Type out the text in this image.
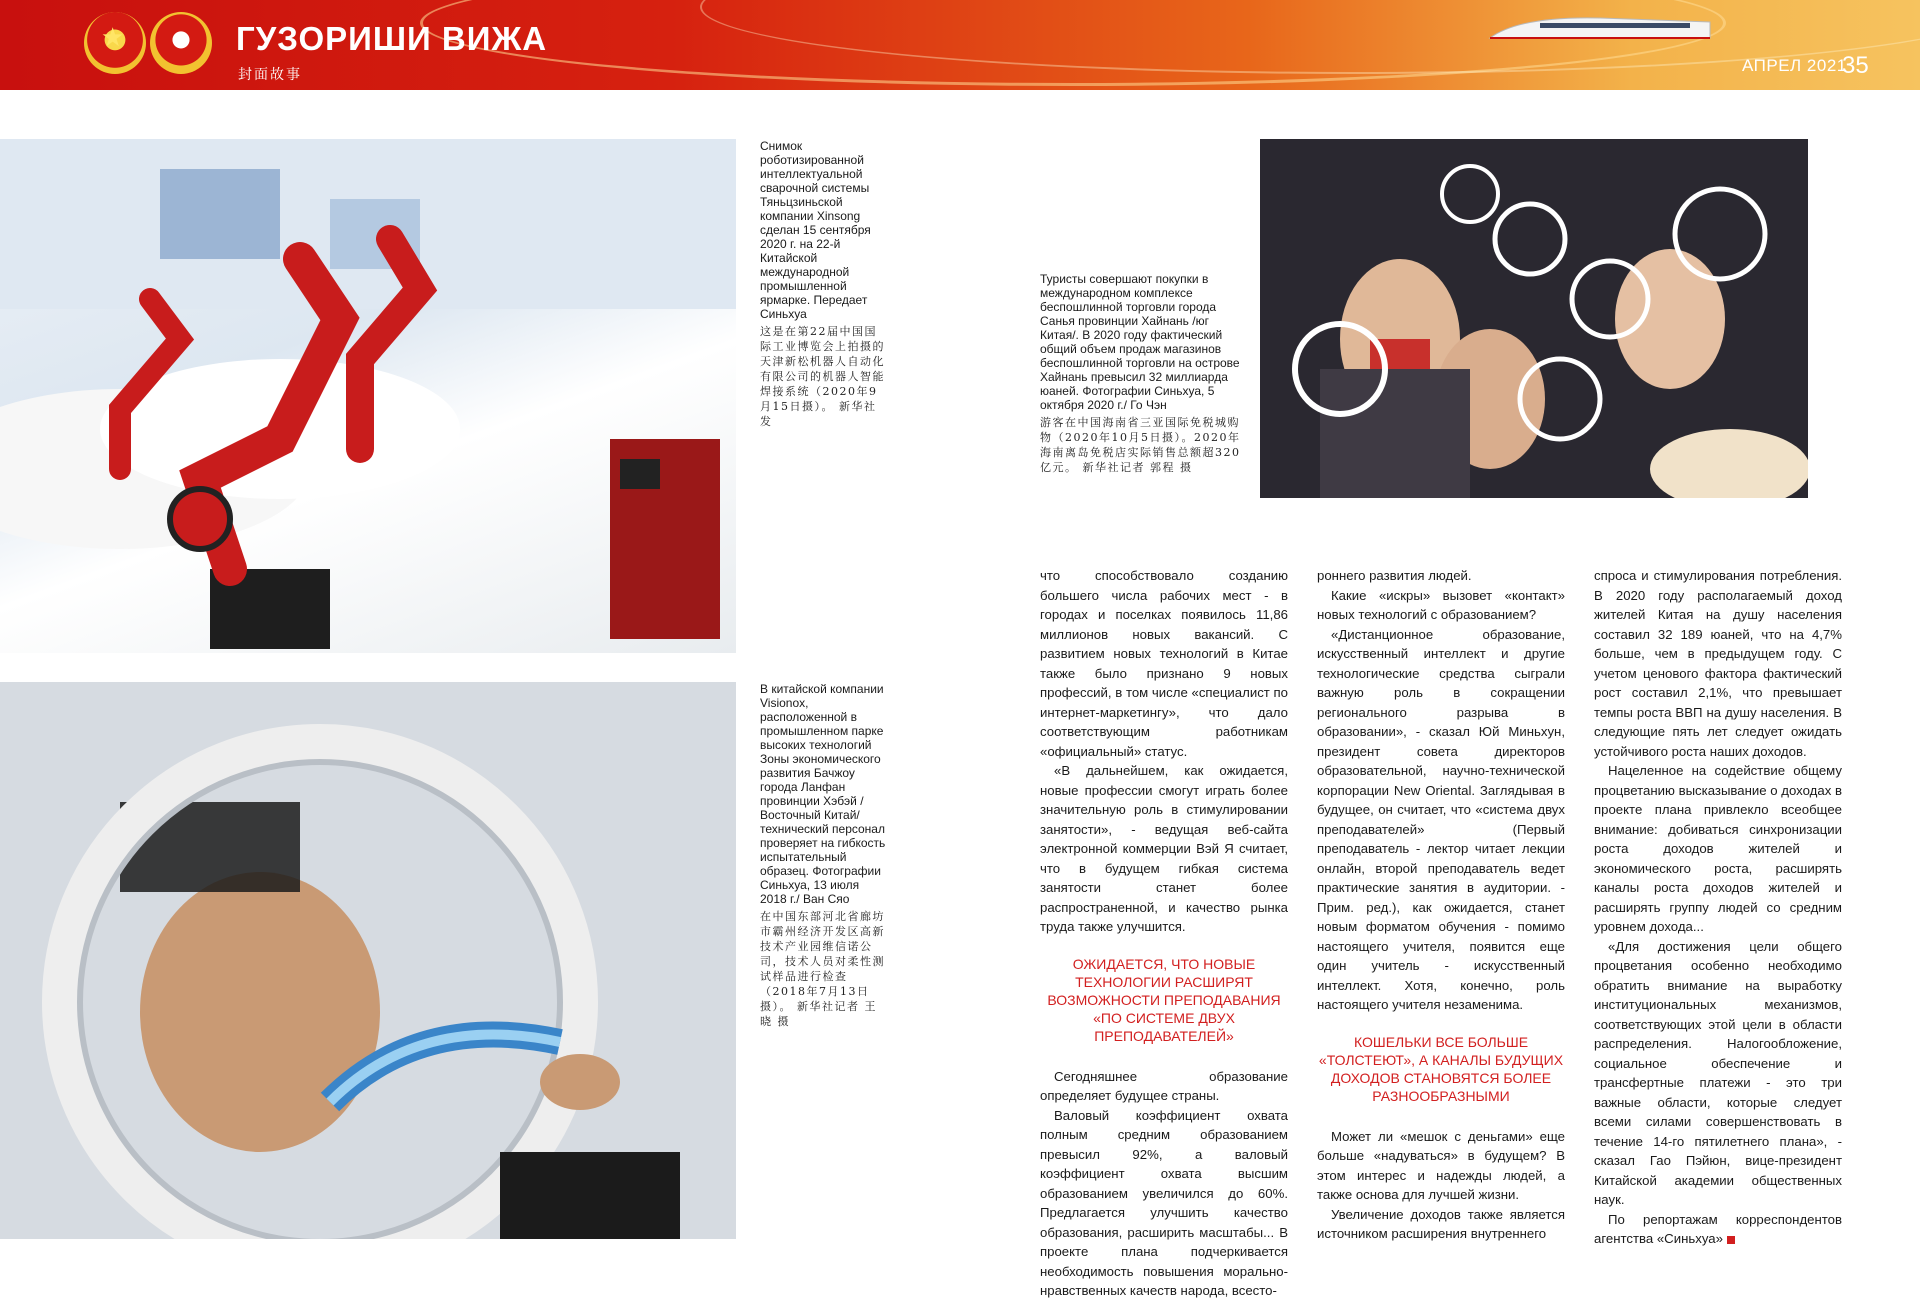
★	ГУЗОРИШИ ВИЖА
封面故事	АПРЕЛ 2021
35
Снимок роботизированной интеллектуальной сварочной системы Тяньцзиньской компании Xinsong сделан 15 сентября 2020 г. на 22-й Китайской международной промышленной ярмарке. Передает Синьхуа
这是在第22届中国国际工业博览会上拍摄的天津新松机器人自动化有限公司的机器人智能焊接系统（2020年9月15日摄）。 新华社发
Туристы совершают покупки в международном комплексе беспошлинной торговли города Санья провинции Хайнань /юг Китая/. В 2020 году фактический общий объем продаж магазинов беспошлинной торговли на острове Хайнань превысил 32 миллиарда юаней. Фотографии Синьхуа, 5 октября 2020 г./ Го Чэн
游客在中国海南省三亚国际免税城购物（2020年10月5日摄）。2020年海南离岛免税店实际销售总额超320亿元。 新华社记者 郭程 摄
В китайской компании Visionox, расположенной в промышленном парке высоких технологий Зоны экономического развития Бачжоу города Ланфан провинции Хэбэй / Восточный Китай/ технический персонал проверяет на гибкость испытательный образец. Фотографии Синьхуа, 13 июля 2018 г./ Ван Сяо
在中国东部河北省廊坊市霸州经济开发区高新技术产业园维信诺公司，技术人员对柔性测试样品进行检查（2018年7月13日摄）。 新华社记者 王晓 摄

что способствовало созданию большего числа рабочих мест - в городах и поселках появилось 11,86 миллионов новых вакансий. С развитием новых технологий в Китае также было признано 9 новых профессий, в том числе «специалист по интернет-маркетингу», что дало соответствующим работникам «официальный» статус.

«В дальнейшем, как ожидается, новые профессии смогут играть более значительную роль в стимулировании занятости», - ведущая веб-сайта электронной коммерции Вэй Я считает, что в будущем гибкая система занятости станет более распространенной, и качество рынка труда также улучшится.

ОЖИДАЕТСЯ, ЧТО НОВЫЕ ТЕХНОЛОГИИ РАСШИРЯТ ВОЗМОЖНОСТИ ПРЕПОДАВАНИЯ «ПО СИСТЕМЕ ДВУХ ПРЕПОДАВАТЕЛЕЙ»

Сегодняшнее образование определяет будущее страны.

Валовый коэффициент охвата полным средним образованием превысил 92%, а валовый коэффициент охвата высшим образованием увеличился до 60%. Предлагается улучшить качество образования, расширить масштабы... В проекте плана подчеркивается необходимость повышения морально-нравственных качеств народа, всесто-

роннего развития людей.

Какие «искры» вызовет «контакт» новых технологий с образованием?

«Дистанционное образование, искусственный интеллект и другие технологические средства сыграли важную роль в сокращении регионального разрыва в образовании», - сказал Юй Миньхун, президент совета директоров образовательной, научно-технической корпорации New Oriental. Заглядывая в будущее, он считает, что «система двух преподавателей» (Первый преподаватель - лектор читает лекции онлайн, второй преподаватель ведет практические занятия в аудитории. - Прим. ред.), как ожидается, станет новым форматом обучения - помимо настоящего учителя, появится еще один учитель - искусственный интеллект. Хотя, конечно, роль настоящего учителя незаменима.

КОШЕЛЬКИ ВСЕ БОЛЬШЕ «ТОЛСТЕЮТ», А КАНАЛЫ БУДУЩИХ ДОХОДОВ СТАНОВЯТСЯ БОЛЕЕ РАЗНООБРАЗНЫМИ

Может ли «мешок с деньгами» еще больше «надуваться» в будущем? В этом интерес и надежды людей, а также основа для лучшей жизни.

Увеличение доходов также является источником расширения внутреннего

спроса и стимулирования потребления. В 2020 году располагаемый доход жителей Китая на душу населения составил 32 189 юаней, что на 4,7% больше, чем в предыдущем году. С учетом ценового фактора фактический рост составил 2,1%, что превышает темпы роста ВВП на душу населения. В следующие пять лет следует ожидать устойчивого роста наших доходов.

Нацеленное на содействие общему процветанию высказывание о доходах в проекте плана привлекло всеобщее внимание: добиваться синхронизации роста доходов жителей и экономического роста, расширять каналы роста доходов жителей и расширять группу людей со средним уровнем дохода...

«Для достижения цели общего процветания особенно необходимо обратить внимание на выработку институциональных механизмов, соответствующих этой цели в области распределения. Налогообложение, социальное обеспечение и трансфертные платежи - это три важные области, которые следует всеми силами совершенствовать в течение 14-го пятилетнего плана», - сказал Гао Пэйюн, вице-президент Китайской академии общественных наук.

По репортажам корреспондентов агентства «Синьхуа»
